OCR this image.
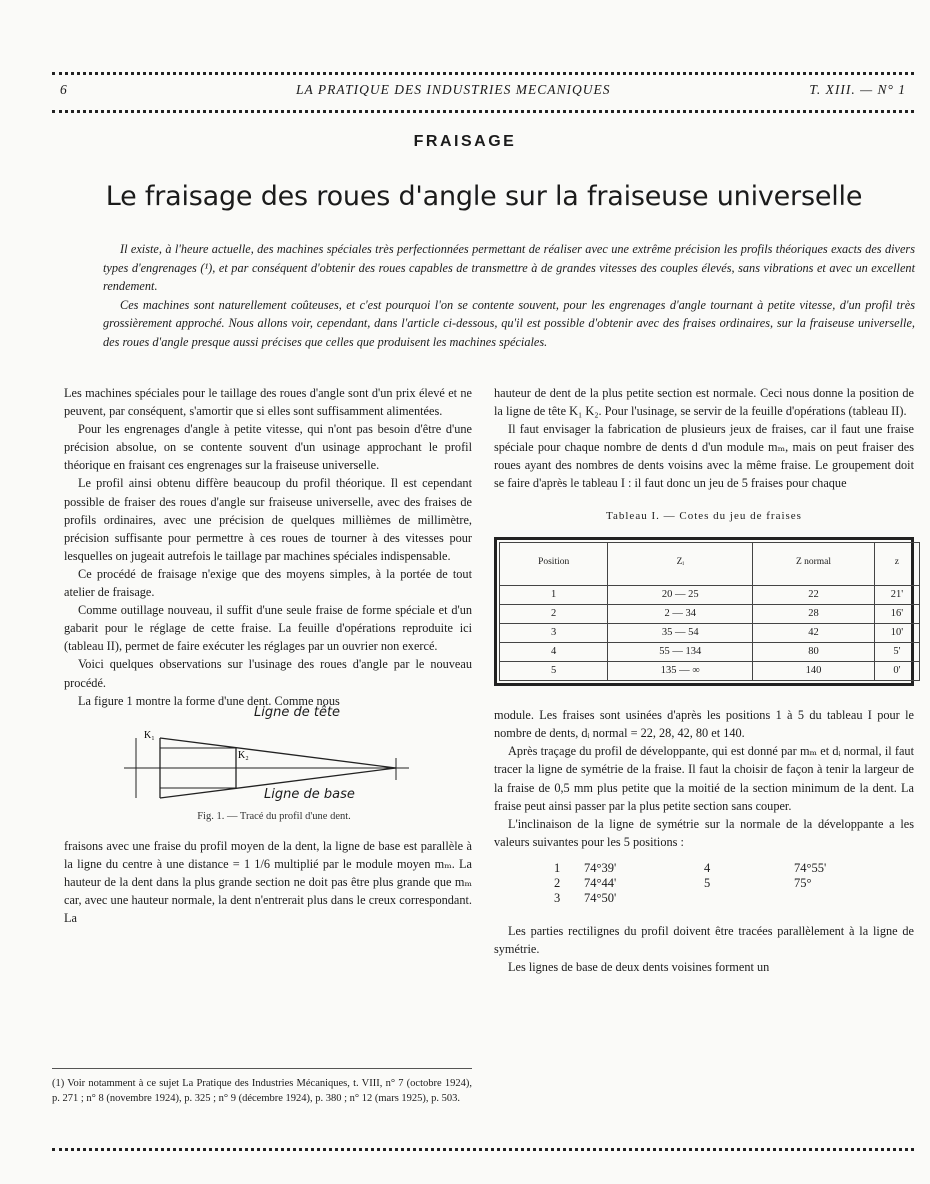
6	LA PRATIQUE DES INDUSTRIES MECANIQUES	T. XIII. — N° 1
FRAISAGE
Le fraisage des roues d'angle sur la fraiseuse universelle

Il existe, à l'heure actuelle, des machines spéciales très perfectionnées permettant de réaliser avec une extrême précision les profils théoriques exacts des divers types d'engrenages (¹), et par conséquent d'obtenir des roues capables de transmettre à de grandes vitesses des couples élevés, sans vibrations et avec un excellent rendement.

Ces machines sont naturellement coûteuses, et c'est pourquoi l'on se contente souvent, pour les engrenages d'angle tournant à petite vitesse, d'un profil très grossièrement approché. Nous allons voir, cependant, dans l'article ci-dessous, qu'il est possible d'obtenir avec des fraises ordinaires, sur la fraiseuse universelle, des roues d'angle presque aussi précises que celles que produisent les machines spéciales.

Les machines spéciales pour le taillage des roues d'angle sont d'un prix élevé et ne peuvent, par conséquent, s'amortir que si elles sont suffisamment alimentées.

Pour les engrenages d'angle à petite vitesse, qui n'ont pas besoin d'être d'une précision absolue, on se contente souvent d'un usinage approchant le profil théorique en fraisant ces engrenages sur la fraiseuse universelle.

Le profil ainsi obtenu diffère beaucoup du profil théorique. Il est cependant possible de fraiser des roues d'angle sur fraiseuse universelle, avec des fraises de profils ordinaires, avec une précision de quelques millièmes de millimètre, précision suffisante pour permettre à ces roues de tourner à des vitesses pour lesquelles on jugeait autrefois le taillage par machines spéciales indispensable.

Ce procédé de fraisage n'exige que des moyens simples, à la portée de tout atelier de fraisage.

Comme outillage nouveau, il suffit d'une seule fraise de forme spéciale et d'un gabarit pour le réglage de cette fraise. La feuille d'opérations reproduite ici (tableau II), permet de faire exécuter les réglages par un ouvrier non exercé.

Voici quelques observations sur l'usinage des roues d'angle par le nouveau procédé.

La figure 1 montre la forme d'une dent. Comme nous

K₁
K₂
Ligne de tête
Ligne de base
Fig. 1. — Tracé du profil d'une dent.

fraisons avec une fraise du profil moyen de la dent, la ligne de base est parallèle à la ligne du centre à une distance = 1 1/6 multiplié par le module moyen mₘ. La hauteur de la dent dans la plus grande section ne doit pas être plus grande que mₘ car, avec une hauteur normale, la dent n'entrerait plus dans le creux correspondant. La

(1) Voir notamment à ce sujet La Pratique des Industries Mécaniques, t. VIII, n° 7 (octobre 1924), p. 271 ; n° 8 (novembre 1924), p. 325 ; n° 9 (décembre 1924), p. 380 ; n° 12 (mars 1925), p. 503.

hauteur de dent de la plus petite section est normale. Ceci nous donne la position de la ligne de tête K₁ K₂. Pour l'usinage, se servir de la feuille d'opérations (tableau II).

Il faut envisager la fabrication de plusieurs jeux de fraises, car il faut une fraise spéciale pour chaque nombre de dents d d'un module mₘ, mais on peut fraiser des roues ayant des nombres de dents voisins avec la même fraise. Le groupement doit se faire d'après le tableau I : il faut donc un jeu de 5 fraises pour chaque

Tableau I. — Cotes du jeu de fraises
Position	Zᵢ	Z normal	z
1	20 — 25	22	21'
2	2 — 34	28	16'
3	35 — 54	42	10'
4	55 — 134	80	5'
5	135 — ∞	140	0'

module. Les fraises sont usinées d'après les positions 1 à 5 du tableau I pour le nombre de dents, dᵢ normal = 22, 28, 42, 80 et 140.

Après traçage du profil de développante, qui est donné par mₘ et dᵢ normal, il faut tracer la ligne de symétrie de la fraise. Il faut la choisir de façon à tenir la largeur de la fraise de 0,5 mm plus petite que la moitié de la section minimum de la dent. La fraise peut ainsi passer par la plus petite section sans couper.

L'inclinaison de la ligne de symétrie sur la normale de la développante a les valeurs suivantes pour les 5 positions :

1	74°39'	4	74°55'
2	74°44'	5	75°
3	74°50'

Les parties rectilignes du profil doivent être tracées parallèlement à la ligne de symétrie.

Les lignes de base de deux dents voisines forment un
